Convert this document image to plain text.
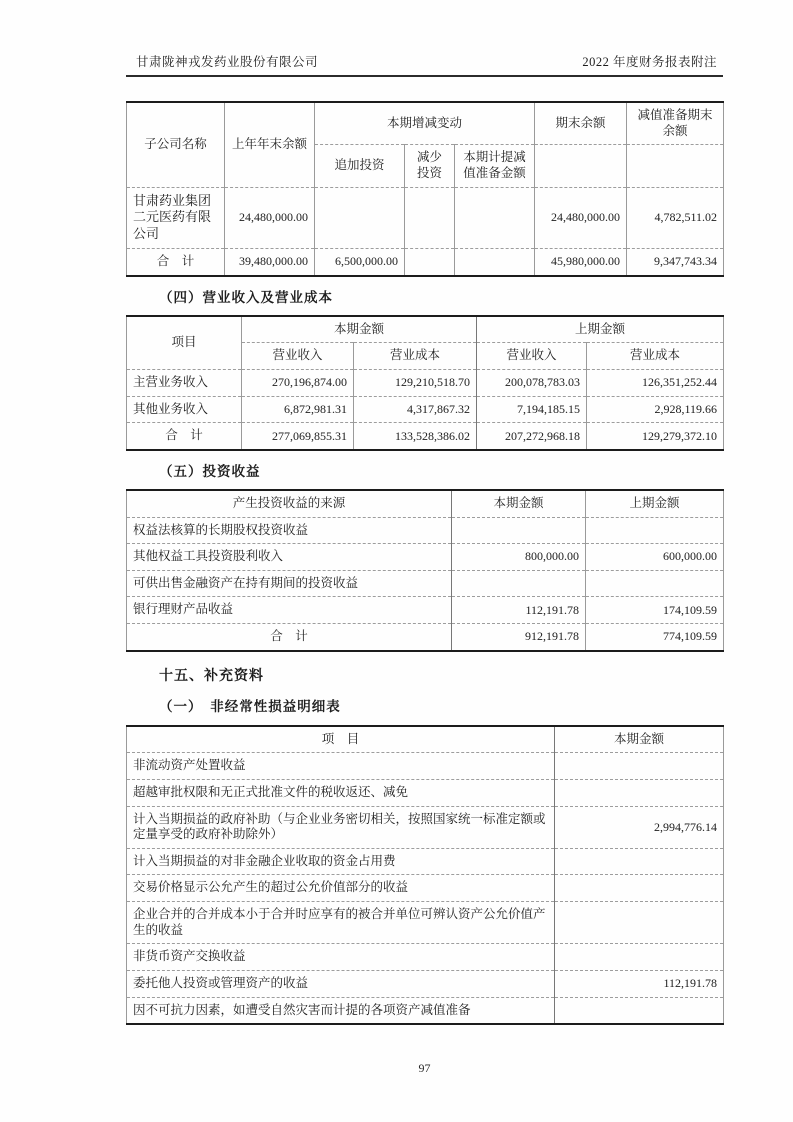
甘肃陇神戎发药业股份有限公司	2022 年度财务报表附注
子公司名称	上年年末余额	本期增减变动			期末余额	减值准备期末余额
		追加投资	减少投资	本期计提减值准备金额		
甘肃药业集团二元医药有限公司	24,480,000.00				24,480,000.00	4,782,511.02
合　计	39,480,000.00	6,500,000.00			45,980,000.00	9,347,743.34
（四）营业收入及营业成本
项目	本期金额		上期金额	
	营业收入	营业成本	营业收入	营业成本
主营业务收入	270,196,874.00	129,210,518.70	200,078,783.03	126,351,252.44
其他业务收入	6,872,981.31	4,317,867.32	7,194,185.15	2,928,119.66
合　计	277,069,855.31	133,528,386.02	207,272,968.18	129,279,372.10
（五）投资收益
产生投资收益的来源	本期金额	上期金额
权益法核算的长期股权投资收益		
其他权益工具投资股利收入	800,000.00	600,000.00
可供出售金融资产在持有期间的投资收益		
银行理财产品收益	112,191.78	174,109.59
合　计	912,191.78	774,109.59
十五、补充资料
（一）　非经常性损益明细表
项　目	本期金额
非流动资产处置收益	
超越审批权限和无正式批准文件的税收返还、减免	
计入当期损益的政府补助（与企业业务密切相关，按照国家统一标准定额或定量享受的政府补助除外）	2,994,776.14
计入当期损益的对非金融企业收取的资金占用费	
交易价格显示公允产生的超过公允价值部分的收益	
企业合并的合并成本小于合并时应享有的被合并单位可辨认资产公允价值产生的收益	
非货币资产交换收益	
委托他人投资或管理资产的收益	112,191.78
因不可抗力因素，如遭受自然灾害而计提的各项资产减值准备	
97
